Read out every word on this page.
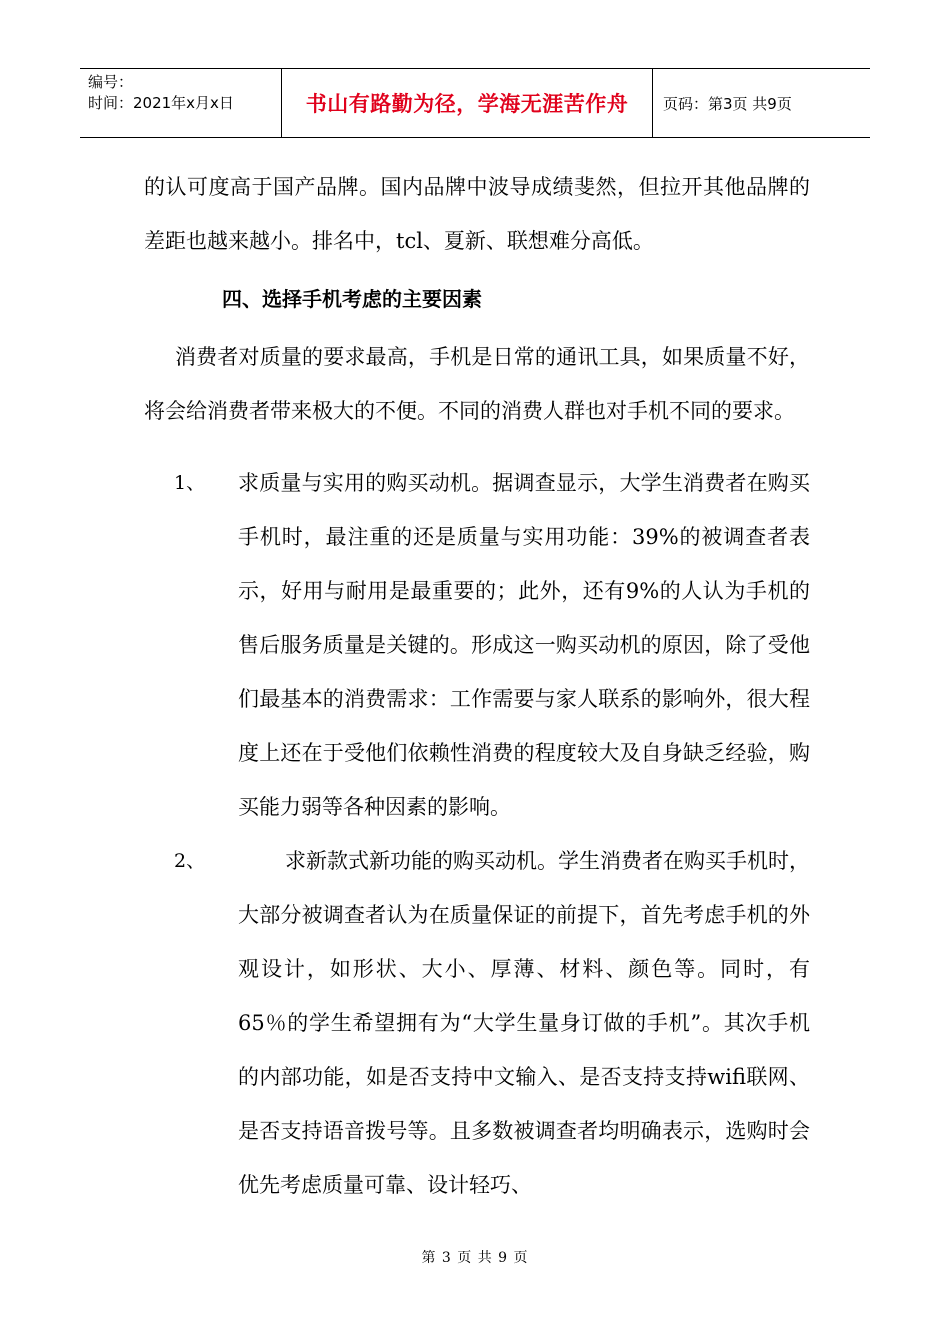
编号：
时间：2021年x月x日	书山有路勤为径，学海无涯苦作舟	页码：第3页 共9页

的认可度高于国产品牌。国内品牌中波导成绩斐然，但拉开其他品牌的差距也越来越小。排名中，tcl、夏新、联想难分高低。

四、选择手机考虑的主要因素

消费者对质量的要求最高，手机是日常的通讯工具，如果质量不好，将会给消费者带来极大的不便。不同的消费人群也对手机不同的要求。

1、 求质量与实用的购买动机。据调查显示，大学生消费者在购买手机时，最注重的还是质量与实用功能：39%的被调查者表示，好用与耐用是最重要的；此外，还有9%的人认为手机的售后服务质量是关键的。形成这一购买动机的原因，除了受他们最基本的消费需求：工作需要与家人联系的影响外，很大程度上还在于受他们依赖性消费的程度较大及自身缺乏经验，购买能力弱等各种因素的影响。
2、	求新款式新功能的购买动机。学生消费者在购买手机时，大部分被调查者认为在质量保证的前提下，首先考虑手机的外观设计，如形状、大小、厚薄、材料、颜色等。同时，有65％的学生希望拥有为“大学生量身订做的手机”。其次手机的内部功能，如是否支持中文输入、是否支持支持wifi联网、是否支持语音拨号等。且多数被调查者均明确表示，选购时会优先考虑质量可靠、设计轻巧、
第 3 页 共 9 页
